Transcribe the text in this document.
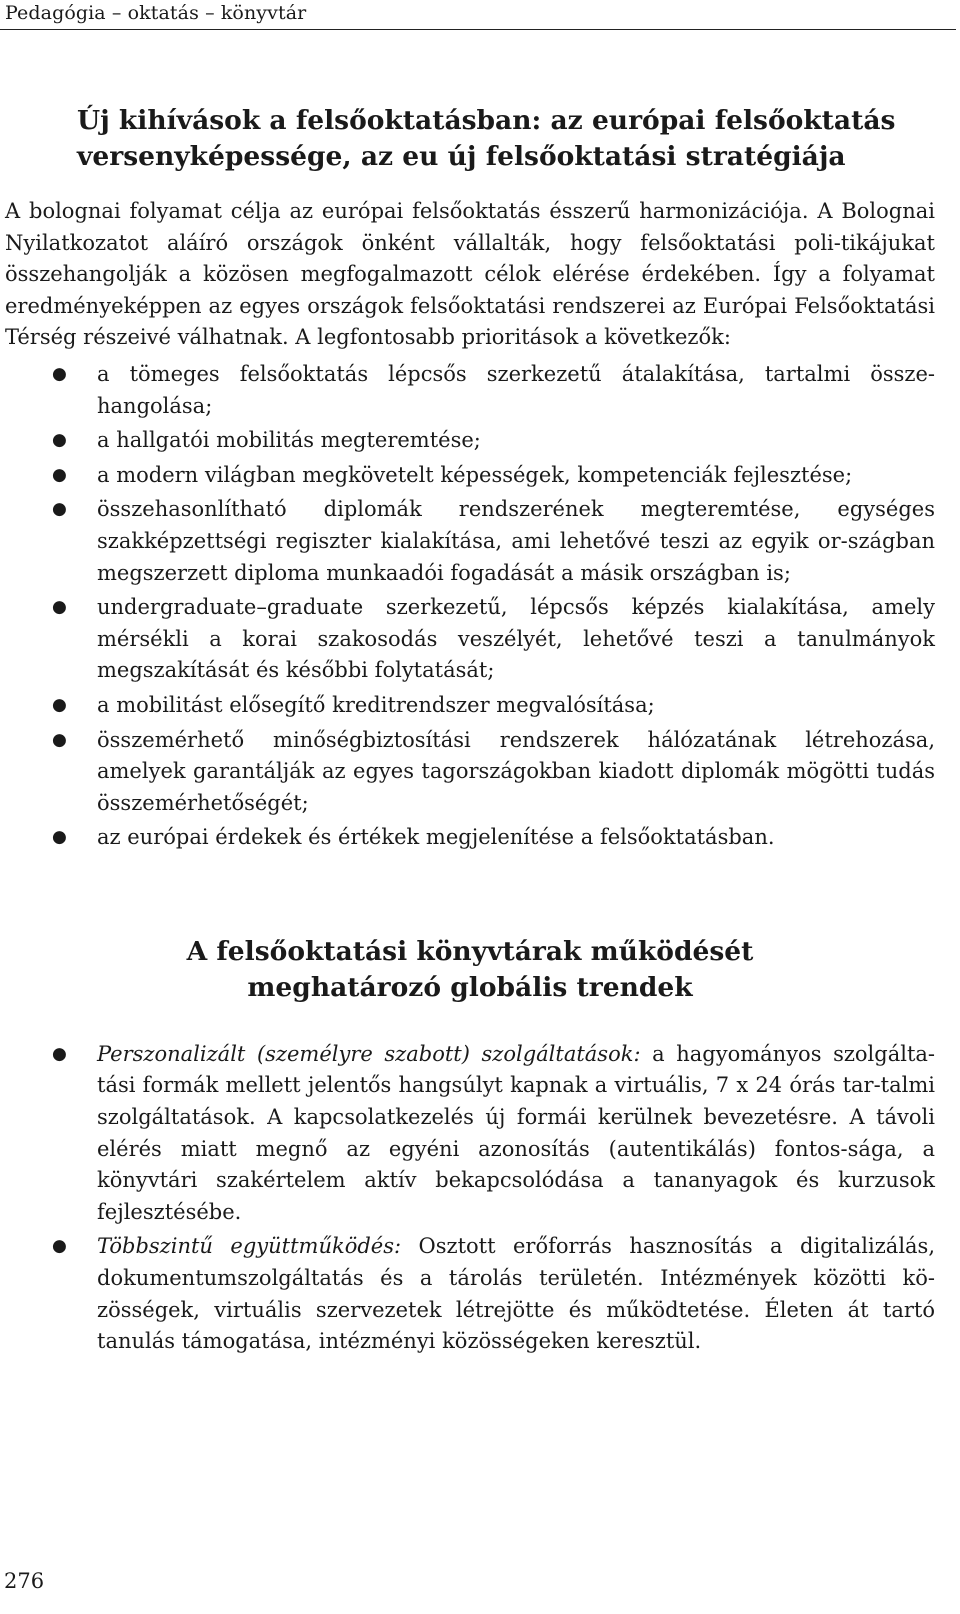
Pedagógia – oktatás – könyvtár
Új kihívások a felsőoktatásban: az európai felsőoktatás
versenyképessége, az eu új felsőoktatási stratégiája

A bolognai folyamat célja az európai felsőoktatás ésszerű harmonizációja. A Bolognai Nyilatkozatot aláíró országok önként vállalták, hogy felsőoktatási poli-tikájukat összehangolják a közösen megfogalmazott célok elérése érdekében. Így a folyamat eredményeképpen az egyes országok felsőoktatási rendszerei az Európai Felsőoktatási Térség részeivé válhatnak. A legfontosabb prioritások a következők:

● a tömeges felsőoktatás lépcsős szerkezetű átalakítása, tartalmi össze-hangolása;
● a hallgatói mobilitás megteremtése;
● a modern világban megkövetelt képességek, kompetenciák fejlesztése;
● összehasonlítható diplomák rendszerének megteremtése, egységes szakképzettségi regiszter kialakítása, ami lehetővé teszi az egyik or-szágban megszerzett diploma munkaadói fogadását a másik országban is;
● undergraduate–graduate szerkezetű, lépcsős képzés kialakítása, amely mérsékli a korai szakosodás veszélyét, lehetővé teszi a tanulmányok megszakítását és későbbi folytatását;
● a mobilitást elősegítő kreditrendszer megvalósítása;
● összemérhető minőségbiztosítási rendszerek hálózatának létrehozása, amelyek garantálják az egyes tagországokban kiadott diplomák mögötti tudás összemérhetőségét;
● az európai érdekek és értékek megjelenítése a felsőoktatásban.
A felsőoktatási könyvtárak működését
meghatározó globális trendek
● Perszonalizált (személyre szabott) szolgáltatások: a hagyományos szolgálta-tási formák mellett jelentős hangsúlyt kapnak a virtuális, 7 x 24 órás tar-talmi szolgáltatások. A kapcsolatkezelés új formái kerülnek bevezetésre. A távoli elérés miatt megnő az egyéni azonosítás (autentikálás) fontos-sága, a könyvtári szakértelem aktív bekapcsolódása a tananyagok és kurzusok fejlesztésébe.
● Többszintű együttműködés: Osztott erőforrás hasznosítás a digitalizálás, dokumentumszolgáltatás és a tárolás területén. Intézmények közötti kö-zösségek, virtuális szervezetek létrejötte és működtetése. Életen át tartó tanulás támogatása, intézményi közösségeken keresztül.
276
